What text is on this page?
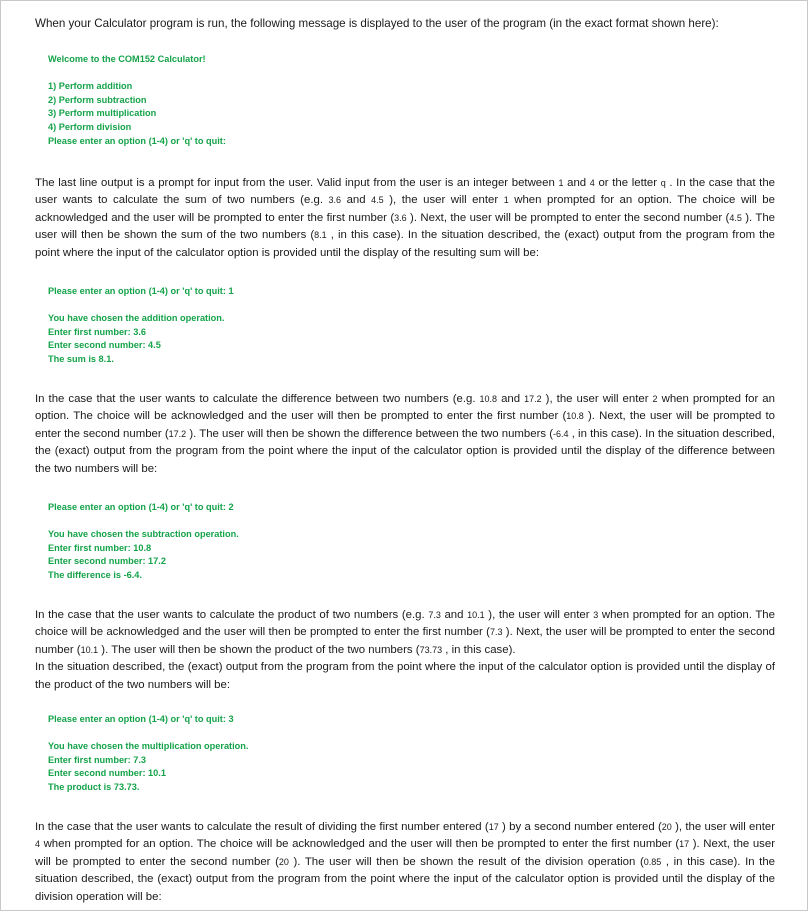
When your Calculator program is run, the following message is displayed to the user of the program (in the exact format shown here):
Welcome to the COM152 Calculator!
1) Perform addition
2) Perform subtraction
3) Perform multiplication
4) Perform division
Please enter an option (1-4) or 'q' to quit:
The last line output is a prompt for input from the user. Valid input from the user is an integer between 1 and 4 or the letter q . In the case that the user wants to calculate the sum of two numbers (e.g. 3.6 and 4.5 ), the user will enter 1 when prompted for an option. The choice will be acknowledged and the user will be prompted to enter the first number (3.6 ). Next, the user will be prompted to enter the second number (4.5 ). The user will then be shown the sum of the two numbers (8.1 , in this case). In the situation described, the (exact) output from the program from the point where the input of the calculator option is provided until the display of the resulting sum will be:
Please enter an option (1-4) or 'q' to quit: 1
You have chosen the addition operation.
Enter first number: 3.6
Enter second number: 4.5
The sum is 8.1.
In the case that the user wants to calculate the difference between two numbers (e.g. 10.8 and 17.2 ), the user will enter 2 when prompted for an option. The choice will be acknowledged and the user will then be prompted to enter the first number (10.8 ). Next, the user will be prompted to enter the second number (17.2 ). The user will then be shown the difference between the two numbers (-6.4 , in this case). In the situation described, the (exact) output from the program from the point where the input of the calculator option is provided until the display of the difference between the two numbers will be:
Please enter an option (1-4) or 'q' to quit: 2
You have chosen the subtraction operation.
Enter first number: 10.8
Enter second number: 17.2
The difference is -6.4.
In the case that the user wants to calculate the product of two numbers (e.g. 7.3 and 10.1 ), the user will enter 3 when prompted for an option. The choice will be acknowledged and the user will then be prompted to enter the first number (7.3 ). Next, the user will be prompted to enter the second number (10.1 ). The user will then be shown the product of the two numbers (73.73 , in this case).
In the situation described, the (exact) output from the program from the point where the input of the calculator option is provided until the display of the product of the two numbers will be:
Please enter an option (1-4) or 'q' to quit: 3
You have chosen the multiplication operation.
Enter first number: 7.3
Enter second number: 10.1
The product is 73.73.
In the case that the user wants to calculate the result of dividing the first number entered (17 ) by a second number entered (20 ), the user will enter 4 when prompted for an option. The choice will be acknowledged and the user will then be prompted to enter the first number (17 ). Next, the user will be prompted to enter the second number (20 ). The user will then be shown the result of the division operation (0.85 , in this case). In the situation described, the (exact) output from the program from the point where the input of the calculator option is provided until the display of the division operation will be:
